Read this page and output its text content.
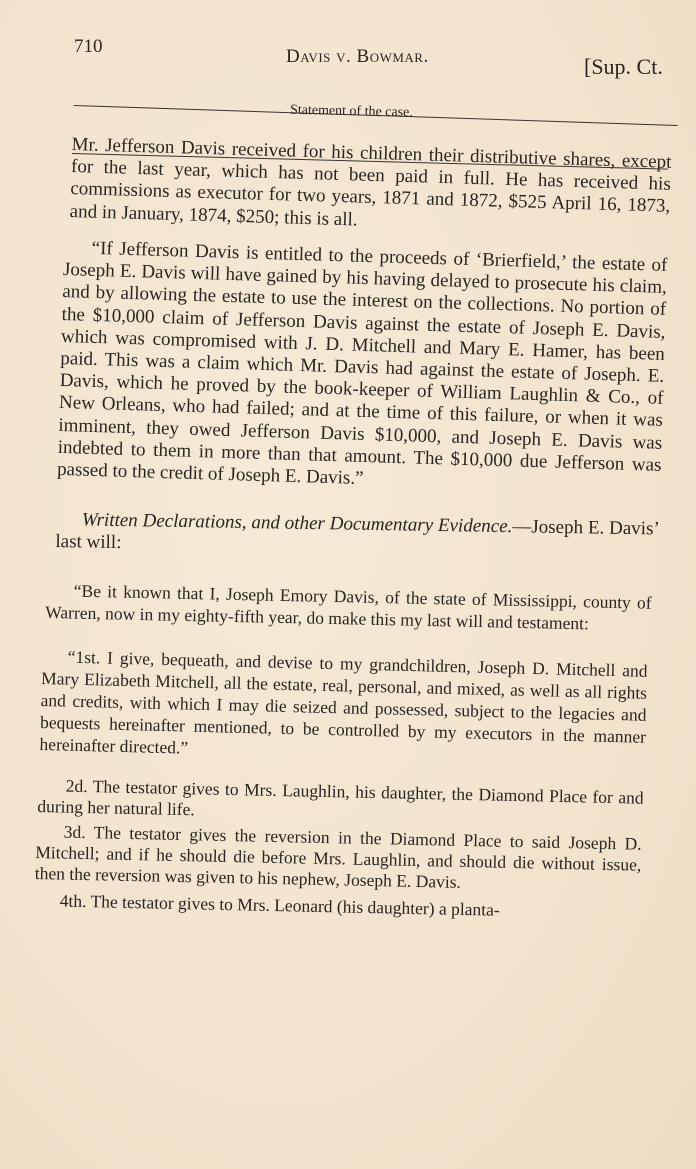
710	Davis v. Bowmar.	[Sup. Ct.
Statement of the case.

Mr. Jefferson Davis received for his children their distributive shares, except for the last year, which has not been paid in full. He has received his commissions as executor for two years, 1871 and 1872, $525 April 16, 1873, and in January, 1874, $250; this is all.

“If Jefferson Davis is entitled to the proceeds of ‘Brierfield,’ the estate of Joseph E. Davis will have gained by his having delayed to prosecute his claim, and by allowing the estate to use the interest on the collections. No portion of the $10,000 claim of Jefferson Davis against the estate of Joseph E. Davis, which was compromised with J. D. Mitchell and Mary E. Hamer, has been paid. This was a claim which Mr. Davis had against the estate of Joseph. E. Davis, which he proved by the book-keeper of William Laughlin & Co., of New Orleans, who had failed; and at the time of this failure, or when it was imminent, they owed Jefferson Davis $10,000, and Joseph E. Davis was indebted to them in more than that amount. The $10,000 due Jefferson was passed to the credit of Joseph E. Davis.”

Written Declarations, and other Documentary Evidence.—Joseph E. Davis’ last will:

“Be it known that I, Joseph Emory Davis, of the state of Mississippi, county of Warren, now in my eighty-fifth year, do make this my last will and testament:

“1st. I give, bequeath, and devise to my grandchildren, Joseph D. Mitchell and Mary Elizabeth Mitchell, all the estate, real, personal, and mixed, as well as all rights and credits, with which I may die seized and possessed, subject to the legacies and bequests hereinafter mentioned, to be controlled by my executors in the manner hereinafter directed.”

2d. The testator gives to Mrs. Laughlin, his daughter, the Diamond Place for and during her natural life.

3d. The testator gives the reversion in the Diamond Place to said Joseph D. Mitchell; and if he should die before Mrs. Laughlin, and should die without issue, then the reversion was given to his nephew, Joseph E. Davis.

4th. The testator gives to Mrs. Leonard (his daughter) a planta-
